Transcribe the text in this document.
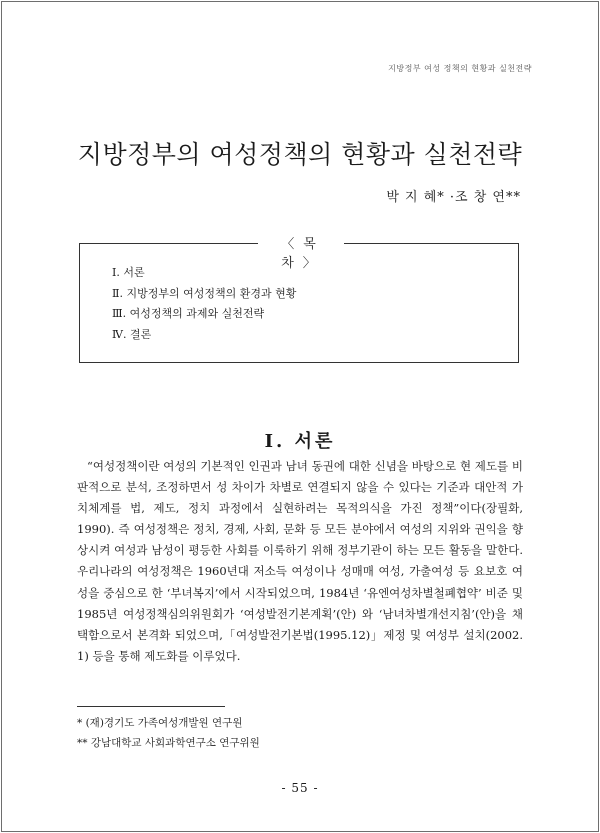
지방정부 여성 정책의 현황과 실천전략
지방정부의 여성정책의 현황과 실천전략
박 지 혜* ·조 창 연**
〈목 차〉
Ⅰ. 서론
Ⅱ. 지방정부의 여성정책의 환경과 현황
Ⅲ. 여성정책의 과제와 실천전략
Ⅳ. 결론
Ⅰ. 서론

“여성정책이란 여성의 기본적인 인권과 남녀 동권에 대한 신념을 바탕으로 현 제도를 비판적으로 분석, 조정하면서 성 차이가 차별로 연결되지 않을 수 있다는 기준과 대안적 가치체계를 법, 제도, 정치 과정에서 실현하려는 목적의식을 가진 정책”이다(장필화, 1990). 즉 여성정책은 정치, 경제, 사회, 문화 등 모든 분야에서 여성의 지위와 권익을 향상시켜 여성과 남성이 평등한 사회를 이룩하기 위해 정부기관이 하는 모든 활동을 말한다. 우리나라의 여성정책은 1960년대 저소득 여성이나 성매매 여성, 가출여성 등 요보호 여성을 중심으로 한 ‘부녀복지’에서 시작되었으며, 1984년 ‘유엔여성차별철폐협약’ 비준 및 1985년 여성정책심의위원회가 ‘여성발전기본계획’(안) 와 ‘남녀차별개선지침’(안)을 채택함으로서 본격화 되었으며,「여성발전기본법(1995.12)」제정 및 여성부 설치(2002. 1) 등을 통해 제도화를 이루었다.

* (재)경기도 가족여성개발원 연구원
** 강남대학교 사회과학연구소 연구위원
- 55 -
